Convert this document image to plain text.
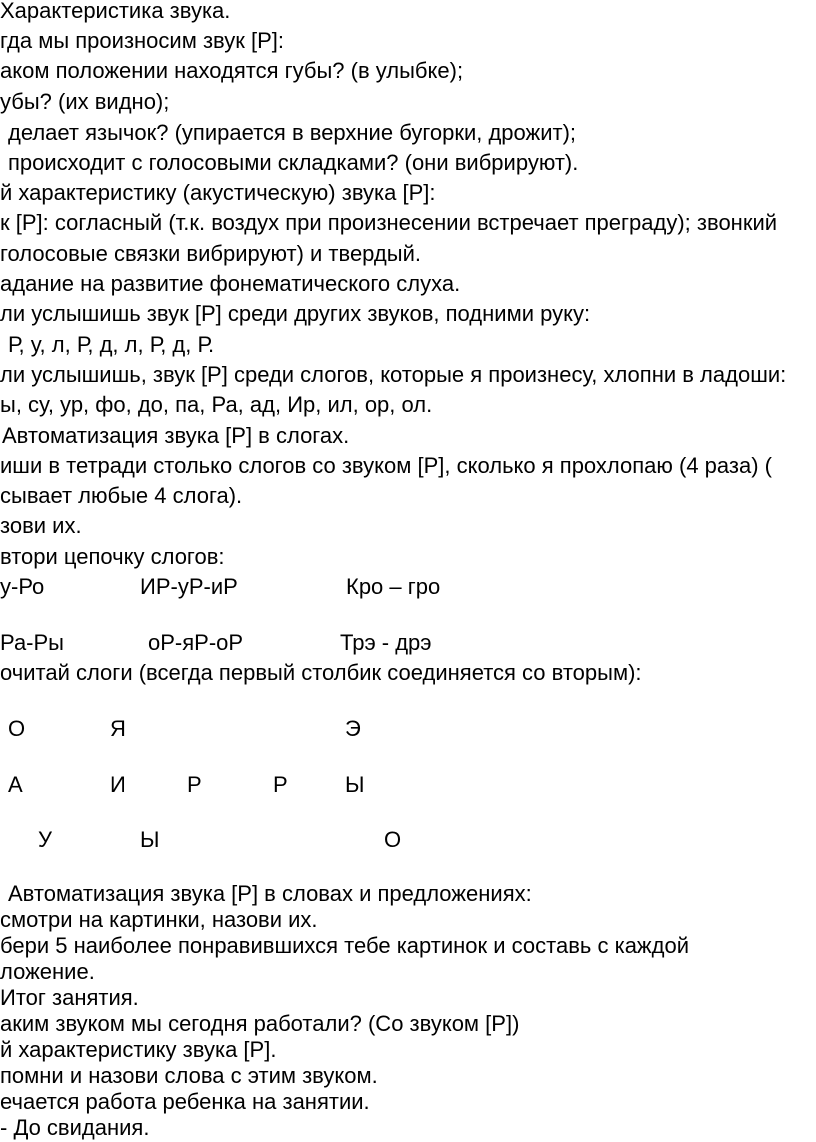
Характеристика звука.
гда мы произносим звук [Р]:
аком положении находятся губы? (в улыбке);
убы? (их видно);
делает язычок? (упирается в верхние бугорки, дрожит);
происходит с голосовыми складками? (они вибрируют).
й характеристику (акустическую) звука [Р]:
к [Р]: согласный (т.к. воздух при произнесении встречает преграду); звонкий
голосовые связки вибрируют) и твердый.
адание на развитие фонематического слуха.
ли услышишь звук [Р] среди других звуков, подними руку:
Р, у, л, Р, д, л, Р, д, Р.
ли услышишь, звук [Р] среди слогов, которые я произнесу, хлопни в ладоши:
ы, су, ур, фо, до, па, Ра, ад, Ир, ил, ор, ол.
Автоматизация звука [Р] в слогах.
иши в тетради столько слогов со звуком [Р], сколько я прохлопаю (4 раза) (
сывает любые 4 слога).
зови их.
втори цепочку слогов:
у-Ро	ИР-уР-иР	Кро – гро
Ра-Ры	оР-яР-оР	Трэ - дрэ
очитай слоги (всегда первый столбик соединяется со вторым):
О	Я	Э
А	И	Р	Р	Ы
У	Ы	О
Автоматизация звука [Р] в словах и предложениях:
смотри на картинки, назови их.
бери 5 наиболее понравившихся тебе картинок и составь с каждой
ложение.
Итог занятия.
аким звуком мы сегодня работали? (Со звуком [Р])
й характеристику звука [Р].
помни и назови слова с этим звуком.
ечается работа ребенка на занятии.
- До свидания.
